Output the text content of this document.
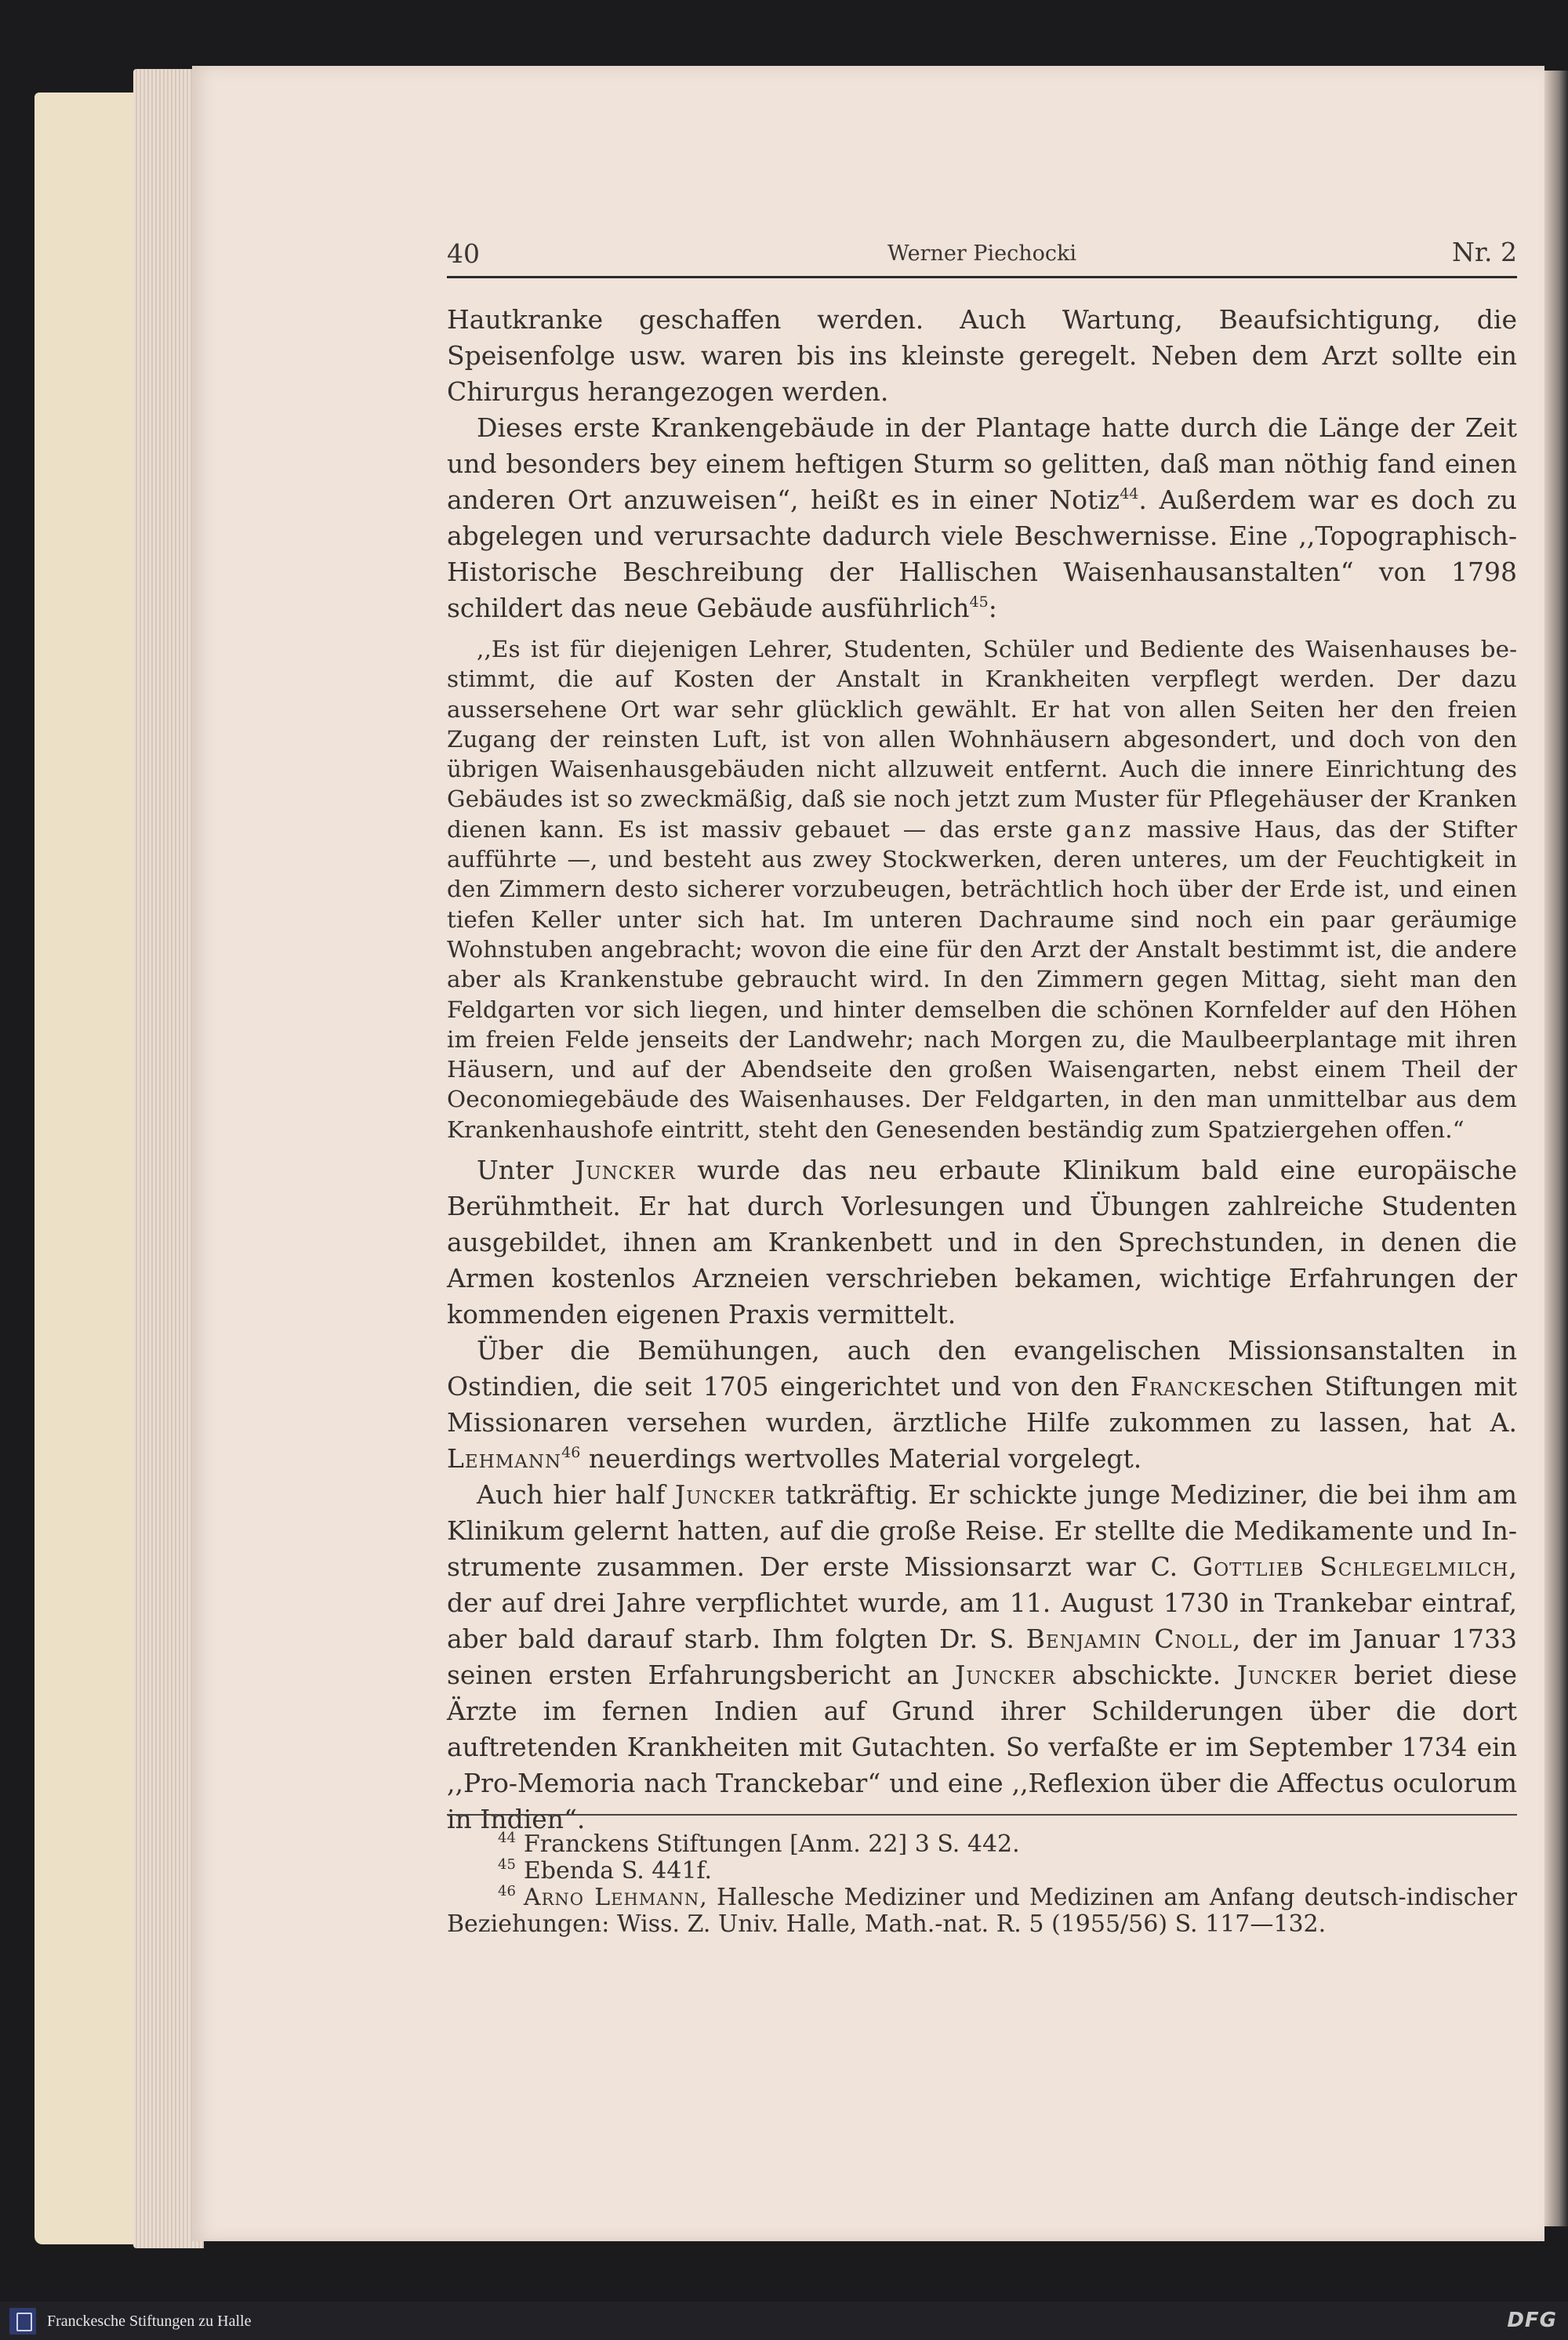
40	Werner Piechocki	Nr. 2

Hautkranke geschaffen werden. Auch Wartung, Beaufsichtigung, die Speisenfolge usw. waren bis ins kleinste geregelt. Neben dem Arzt sollte ein Chirurgus herangezogen werden.

Dieses erste Krankengebäude in der Plantage hatte durch die Länge der Zeit und besonders bey einem heftigen Sturm so gelitten, daß man nöthig fand einen anderen Ort anzuweisen“, heißt es in einer Notiz$^{44}$. Außerdem war es doch zu abgelegen und verursachte dadurch viele Beschwernisse. Eine ,,Topographisch-Historische Beschreibung der Hallischen Waisenhausanstalten“ von 1798 schildert das neue Gebäude ausführlich$^{45}$:

,,Es ist für diejenigen Lehrer, Studenten, Schüler und Bediente des Waisenhauses bestimmt, die auf Kosten der Anstalt in Krankheiten verpflegt werden. Der dazu aussersehene Ort war sehr glücklich gewählt. Er hat von allen Seiten her den freien Zugang der reinsten Luft, ist von allen Wohnhäusern abgesondert, und doch von den übrigen Waisenhausgebäuden nicht allzuweit entfernt. Auch die innere Einrichtung des Gebäudes ist so zweckmäßig, daß sie noch jetzt zum Muster für Pflegehäuser der Kranken dienen kann. Es ist massiv gebauet — das erste ganz massive Haus, das der Stifter aufführte —, und besteht aus zwey Stockwerken, deren unteres, um der Feuchtigkeit in den Zimmern desto sicherer vorzubeugen, beträchtlich hoch über der Erde ist, und einen tiefen Keller unter sich hat. Im unteren Dachraume sind noch ein paar geräumige Wohnstuben angebracht; wovon die eine für den Arzt der Anstalt bestimmt ist, die andere aber als Krankenstube gebraucht wird. In den Zimmern gegen Mittag, sieht man den Feldgarten vor sich liegen, und hinter demselben die schönen Kornfelder auf den Höhen im freien Felde jenseits der Landwehr; nach Morgen zu, die Maulbeerplantage mit ihren Häusern, und auf der Abendseite den großen Waisengarten, nebst einem Theil der Oeconomiegebäude des Waisenhauses. Der Feldgarten, in den man unmittelbar aus dem Krankenhaushofe eintritt, steht den Genesenden beständig zum Spatziergehen offen.“

Unter Juncker wurde das neu erbaute Klinikum bald eine europäische Berühmtheit. Er hat durch Vorlesungen und Übungen zahlreiche Studenten ausgebildet, ihnen am Krankenbett und in den Sprechstunden, in denen die Armen kostenlos Arzneien verschrieben bekamen, wichtige Erfahrungen der kommenden eigenen Praxis vermittelt.

Über die Bemühungen, auch den evangelischen Missionsanstalten in Ostindien, die seit 1705 eingerichtet und von den Franckeschen Stiftungen mit Missionaren versehen wurden, ärztliche Hilfe zukommen zu lassen, hat A. Lehmann$^{46}$ neuerdings wertvolles Material vorgelegt.

Auch hier half Juncker tatkräftig. Er schickte junge Mediziner, die bei ihm am Klinikum gelernt hatten, auf die große Reise. Er stellte die Medikamente und Instrumente zusammen. Der erste Missionsarzt war C. Gottlieb Schlegelmilch, der auf drei Jahre verpflichtet wurde, am 11. August 1730 in Trankebar eintraf, aber bald darauf starb. Ihm folgten Dr. S. Benjamin Cnoll, der im Januar 1733 seinen ersten Erfahrungsbericht an Juncker abschickte. Juncker beriet diese Ärzte im fernen Indien auf Grund ihrer Schilderungen über die dort auftretenden Krankheiten mit Gutachten. So verfaßte er im September 1734 ein ,,Pro-Memoria nach Tranckebar“ und eine ,,Reflexion über die Affectus oculorum in Indien“.

$^{44}$ Franckens Stiftungen [Anm. 22] 3 S. 442.

$^{45}$ Ebenda S. 441f.

$^{46}$ Arno Lehmann, Hallesche Mediziner und Medizinen am Anfang deutsch-indischer Beziehungen: Wiss. Z. Univ. Halle, Math.-nat. R. 5 (1955/56) S. 117—132.

Franckesche Stiftungen zu Halle	DFG
